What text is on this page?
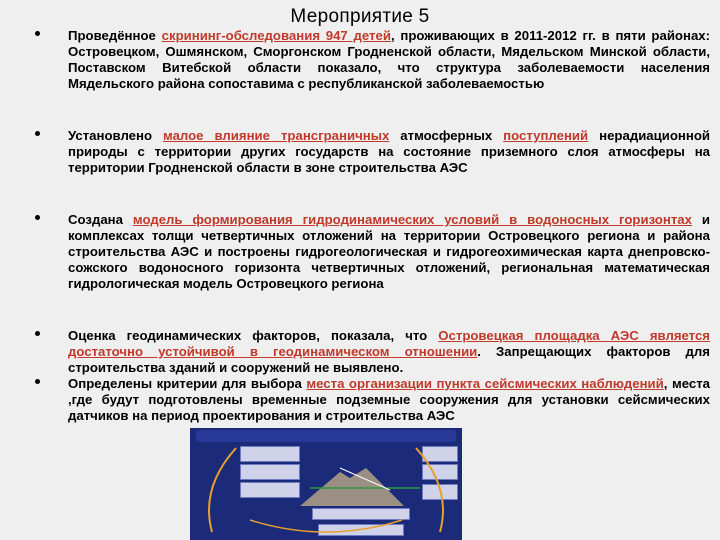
Мероприятие 5
Проведённое скрининг-обследования 947 детей, проживающих в 2011-2012 гг. в пяти районах: Островецком, Ошмянском, Сморгонском Гродненской области, Мядельском Минской области, Поставском Витебской области показало, что структура заболеваемости населения Мядельского района сопоставима с республиканской заболеваемостью
Установлено малое влияние трансграничных атмосферных поступлений нерадиационной природы с территории других государств на состояние приземного слоя атмосферы на территории Гродненской области в зоне строительства АЭС
Создана модель формирования гидродинамических условий в водоносных горизонтах и комплексах толщи четвертичных отложений на территории Островецкого региона и района строительства АЭС и построены гидрогеологическая и гидрогеохимическая карта днепровско-сожского водоносного горизонта четвертичных отложений, региональная математическая гидрологическая модель Островецкого региона
Оценка геодинамических факторов, показала, что Островецкая площадка АЭС является достаточно устойчивой в геодинамическом отношении. Запрещающих факторов для строительства зданий и сооружений не выявлено.
Определены критерии для выбора места организации пункта сейсмических наблюдений, места ,где будут подготовлены временные подземные сооружения для установки сейсмических датчиков на период проектирования и строительства АЭС
